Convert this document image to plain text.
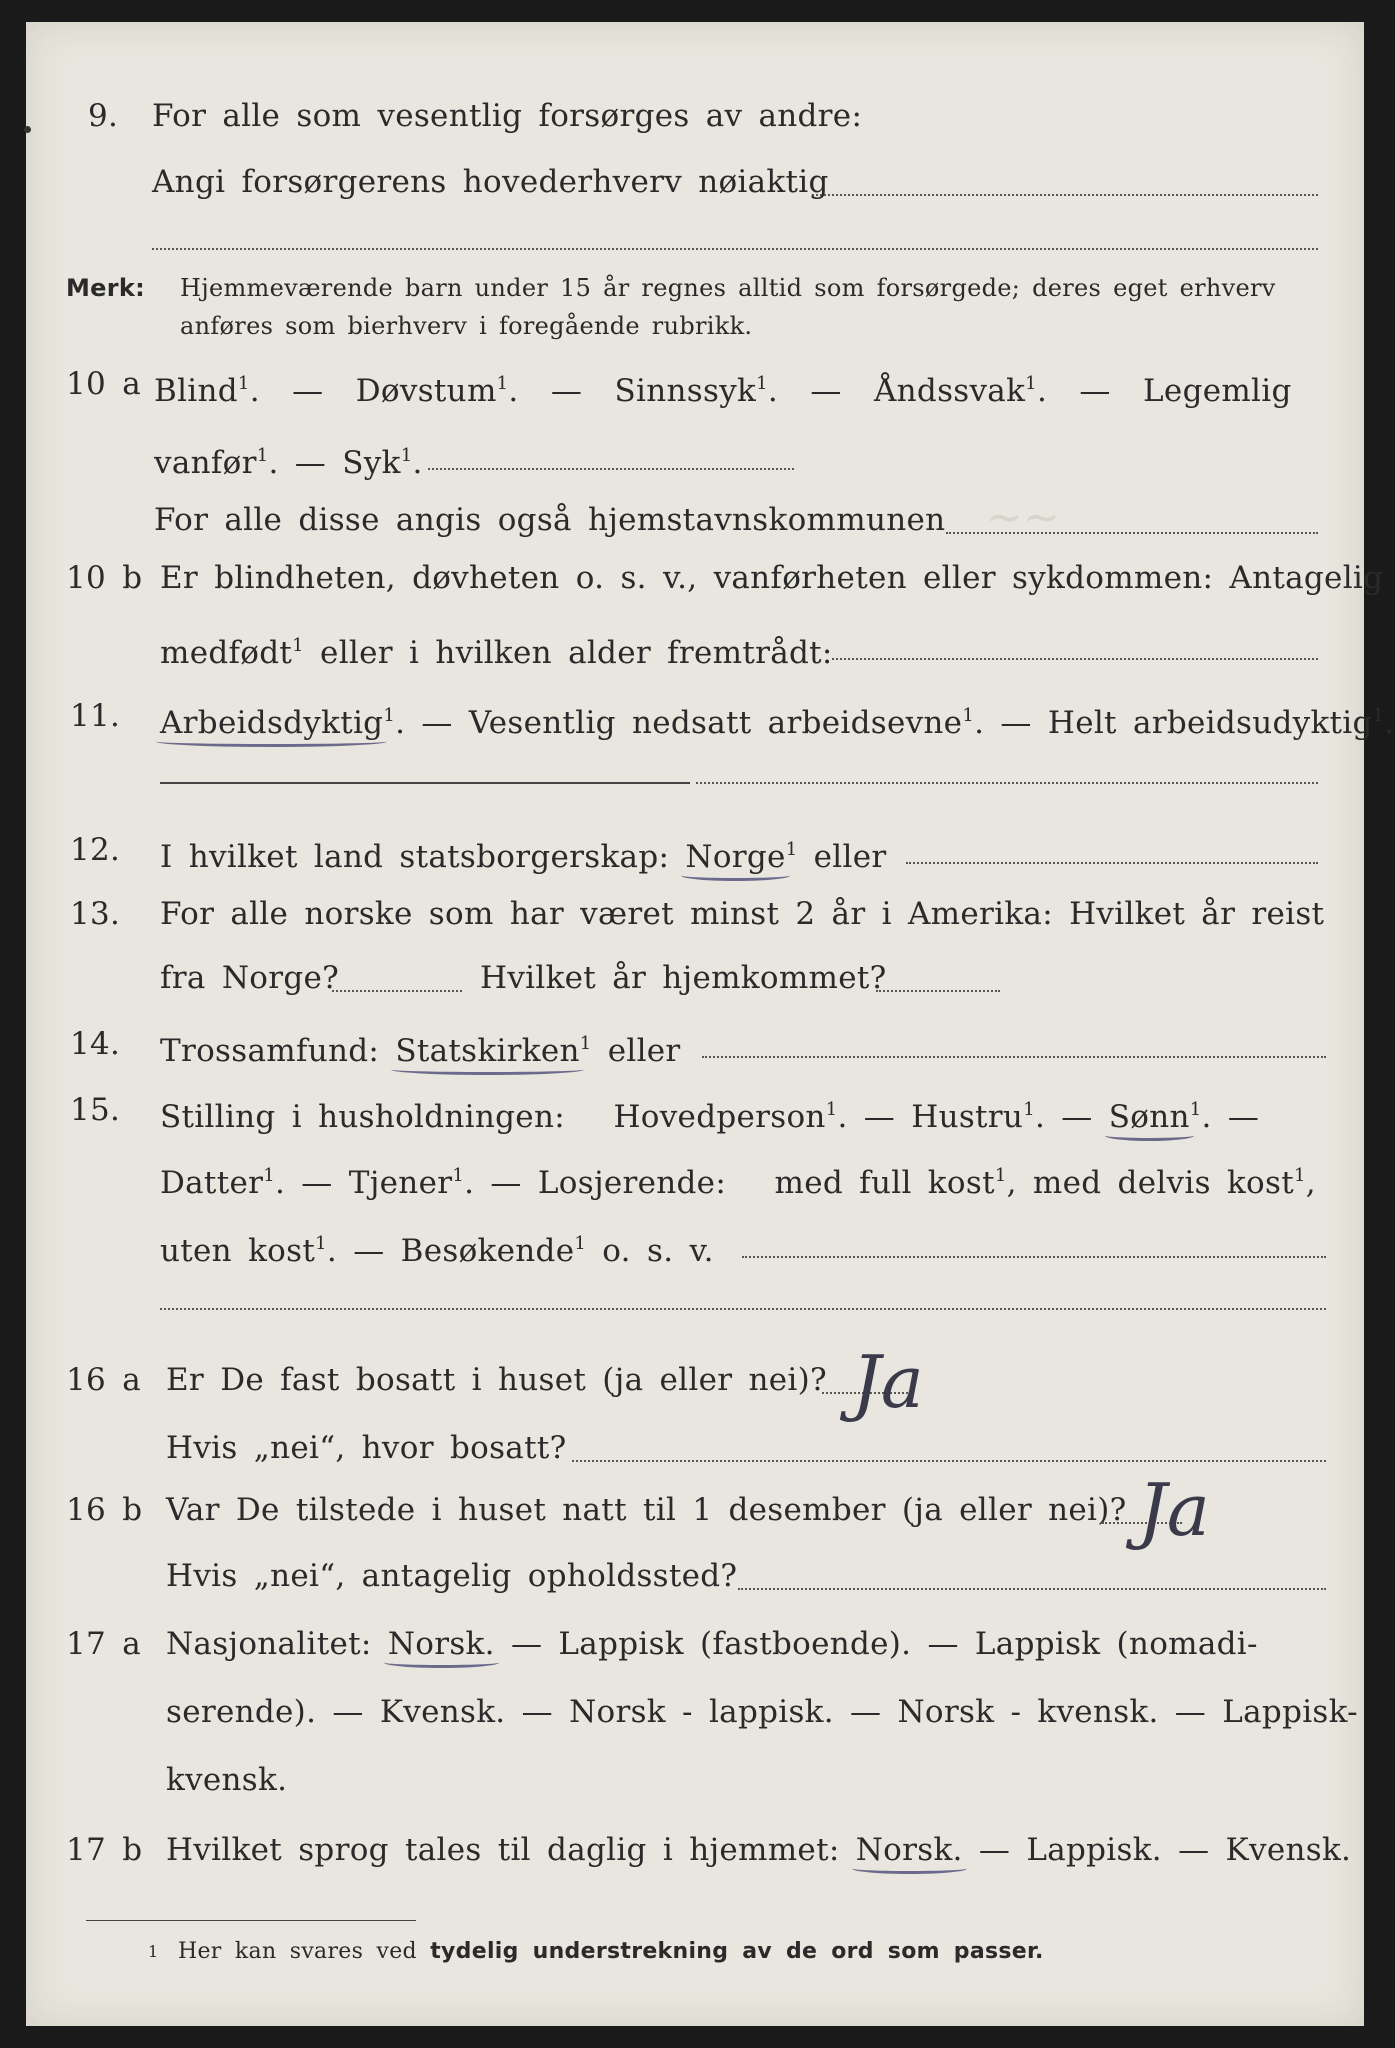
9. For alle som vesentlig forsørges av andre:
Angi forsørgerens hovederhverv nøiaktig
Merk: Hjemmeværende barn under 15 år regnes alltid som forsørgede; deres eget erhverv
anføres som bierhverv i foregående rubrikk.
10 a Blind$^1$.  — Døvstum$^1$.  — Sinnssyk$^1$.  — Åndssvak$^1$.  — Legemlig
vanfør$^1$. — Syk$^1$.
For alle disse angis også hjemstavnskommunen ~~
10 b Er blindheten, døvheten o. s. v., vanførheten eller sykdommen: Antagelig
medfødt$^1$ eller i hvilken alder fremtrådt:
11. Arbeidsdyktig
$^1$. — Vesentlig nedsatt arbeidsevne$^1$. — Helt arbeidsudyktig$^1$.
12. I hvilket land statsborgerskap: Norge
$^1$ eller
13. For alle norske som har været minst 2 år i Amerika: Hvilket år reist
fra Norge?	Hvilket år hjemkommet?
14. Trossamfund: Statskirken
$^1$ eller
15. Stilling i husholdningen: Hovedperson$^1$. — Hustru$^1$. — Sønn
$^1$. —
Datter$^1$. — Tjener$^1$. — Losjerende: med full kost$^1$, med delvis kost$^1$,
uten kost$^1$. — Besøkende$^1$ o. s. v.
16 a Er De fast bosatt i huset (ja eller nei)? Ja
Hvis „nei“, hvor bosatt?
16 b Var De tilstede i huset natt til 1 desember (ja eller nei)? Ja
Hvis „nei“, antagelig opholdssted?
17 a Nasjonalitet: Norsk. — Lappisk (fastboende). — Lappisk (nomadi-
serende). — Kvensk. — Norsk - lappisk. — Norsk - kvensk. — Lappisk-
kvensk.
17 b Hvilket sprog tales til daglig i hjemmet: Norsk. — Lappisk. — Kvensk.
1 Her kan svares ved tydelig understrekning av de ord som passer.
